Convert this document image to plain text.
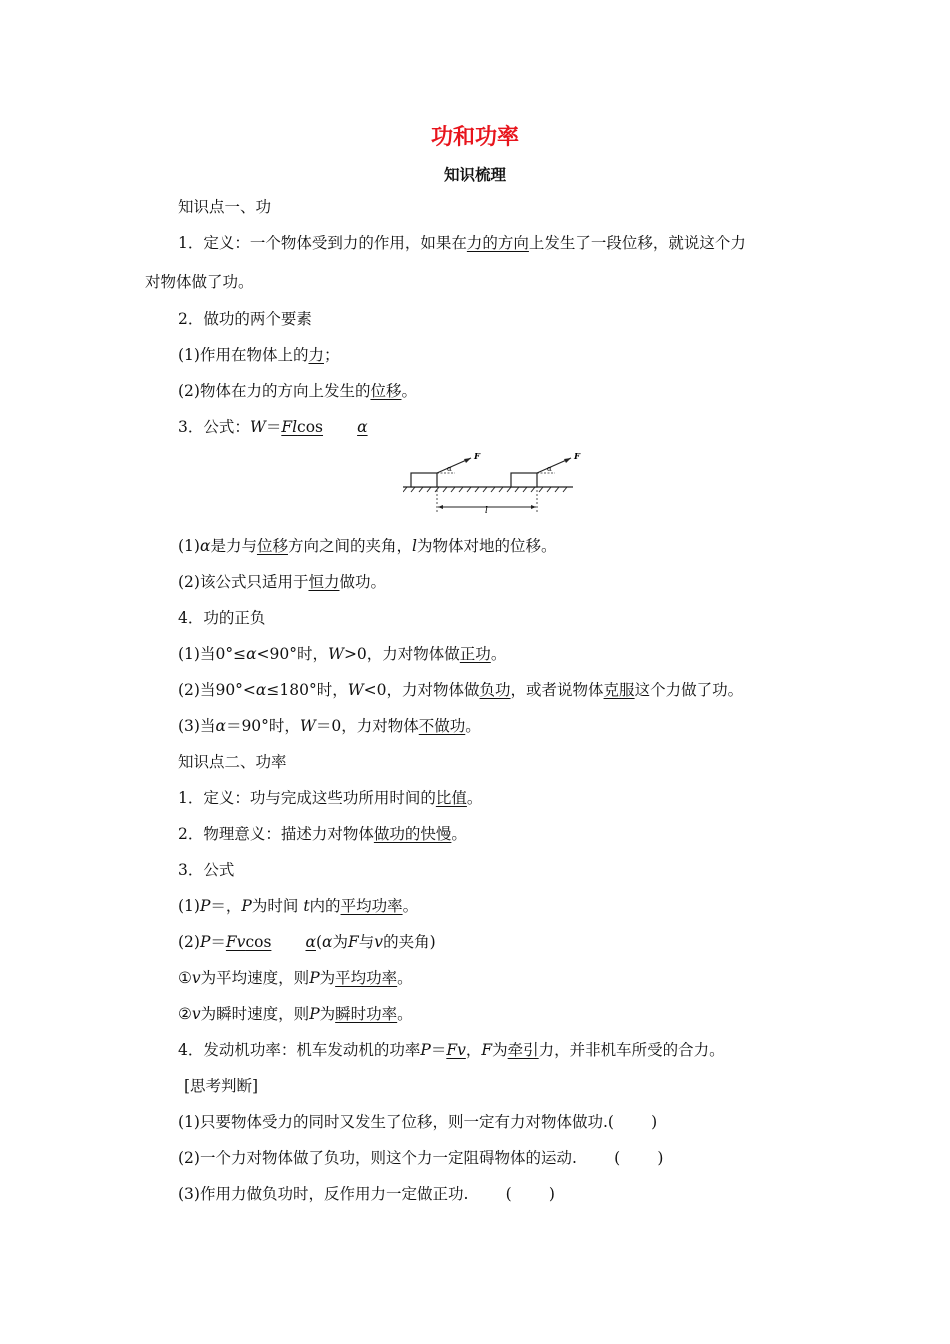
功和功率
知识梳理
知识点一、功
1．定义：一个物体受到力的作用，如果在力的方向上发生了一段位移，就说这个力
对物体做了功。
2．做功的两个要素
(1)作用在物体上的力；
(2)物体在力的方向上发生的位移。
3．公式：W＝Flcos α
F	F
α	α
l
(1)α是力与位移方向之间的夹角，l为物体对地的位移。
(2)该公式只适用于恒力做功。
4．功的正负
(1)当0°≤α<90°时，W>0，力对物体做正功。
(2)当90°<α≤180°时，W<0，力对物体做负功，或者说物体克服这个力做了功。
(3)当α＝90°时，W＝0，力对物体不做功。
知识点二、功率
1．定义：功与完成这些功所用时间的比值。
2．物理意义：描述力对物体做功的快慢。
3．公式
(1)P＝，P为时间 t内的平均功率。
(2)P＝Fvcos α(α为F与v的夹角)
①v为平均速度，则P为平均功率。
②v为瞬时速度，则P为瞬时功率。
4．发动机功率：机车发动机的功率P＝Fv，F为牵引力，并非机车所受的合力。
[思考判断]
(1)只要物体受力的同时又发生了位移，则一定有力对物体做功.( )
(2)一个力对物体做了负功，则这个力一定阻碍物体的运动. ( )
(3)作用力做负功时，反作用力一定做正功. ( )
